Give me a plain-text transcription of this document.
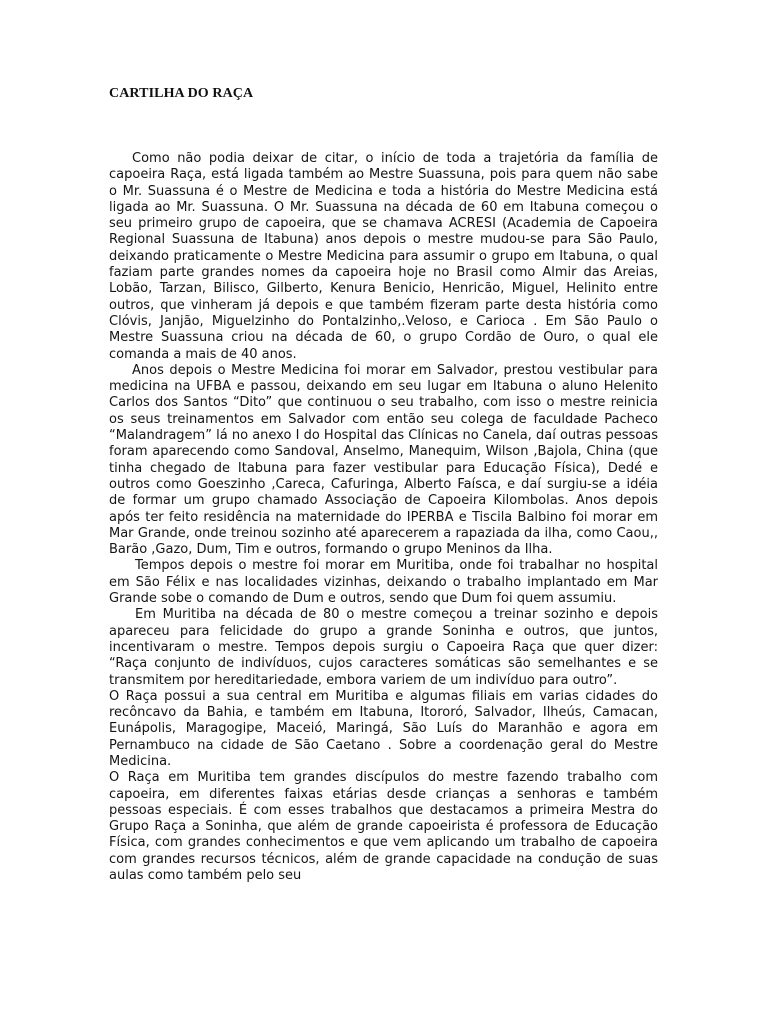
CARTILHA DO RAÇA

Como não podia deixar de citar, o início de toda a trajetória da família de capoeira Raça, está ligada também ao Mestre Suassuna, pois para quem não sabe o Mr. Suassuna é o Mestre de Medicina e toda a história do Mestre Medicina está ligada ao Mr. Suassuna. O Mr. Suassuna na década de 60 em Itabuna começou o seu primeiro grupo de capoeira, que se chamava ACRESI (Academia de Capoeira Regional Suassuna de Itabuna) anos depois o mestre mudou-se para São Paulo, deixando praticamente o Mestre Medicina para assumir o grupo em Itabuna, o qual faziam parte grandes nomes da capoeira hoje no Brasil como Almir das Areias, Lobão, Tarzan, Bilisco, Gilberto, Kenura Benicio, Henricão, Miguel, Helinito entre outros, que vinheram já depois e que também fizeram parte desta história como Clóvis, Janjão, Miguelzinho do Pontalzinho,.Veloso, e Carioca . Em São Paulo o Mestre Suassuna criou na década de 60, o grupo Cordão de Ouro, o qual ele comanda a mais de 40 anos.

Anos depois o Mestre Medicina foi morar em Salvador, prestou vestibular para medicina na UFBA e passou, deixando em seu lugar em Itabuna o aluno Helenito Carlos dos Santos “Dito” que continuou o seu trabalho, com isso o mestre reinicia os seus treinamentos em Salvador com então seu colega de faculdade Pacheco “Malandragem” lá no anexo I do Hospital das Clínicas no Canela, daí outras pessoas foram aparecendo como Sandoval, Anselmo, Manequim, Wilson ,Bajola, China (que tinha chegado de Itabuna para fazer vestibular para Educação Física), Dedé e outros como Goeszinho ,Careca, Cafuringa, Alberto Faísca, e daí surgiu-se a idéia de formar um grupo chamado Associação de Capoeira Kilombolas. Anos depois após ter feito residência na maternidade do IPERBA e Tiscila Balbino foi morar em Mar Grande, onde treinou sozinho até aparecerem a rapaziada da ilha, como Caou,, Barão ,Gazo, Dum, Tim e outros, formando o grupo Meninos da Ilha.

Tempos depois o mestre foi morar em Muritiba, onde foi trabalhar no hospital em São Félix e nas localidades vizinhas, deixando o trabalho implantado em Mar Grande sobe o comando de Dum e outros, sendo que Dum foi quem assumiu.

Em Muritiba na década de 80 o mestre começou a treinar sozinho e depois apareceu para felicidade do grupo a grande Soninha e outros, que juntos, incentivaram o mestre. Tempos depois surgiu o Capoeira Raça que quer dizer: “Raça conjunto de indivíduos, cujos caracteres somáticas são semelhantes e se transmitem por hereditariedade, embora variem de um indivíduo para outro”.

O Raça possui a sua central em Muritiba e algumas filiais em varias cidades do recôncavo da Bahia, e também em Itabuna, Itororó, Salvador, Ilheús, Camacan, Eunápolis, Maragogipe, Maceió, Maringá, São Luís do Maranhão e agora em Pernambuco na cidade de São Caetano . Sobre a coordenação geral do Mestre Medicina.

O Raça em Muritiba tem grandes discípulos do mestre fazendo trabalho com capoeira, em diferentes faixas etárias desde crianças a senhoras e também pessoas especiais. É com esses trabalhos que destacamos a primeira Mestra do Grupo Raça a Soninha, que além de grande capoeirista é professora de Educação Física, com grandes conhecimentos e que vem aplicando um trabalho de capoeira com grandes recursos técnicos, além de grande capacidade na condução de suas aulas como também pelo seu
